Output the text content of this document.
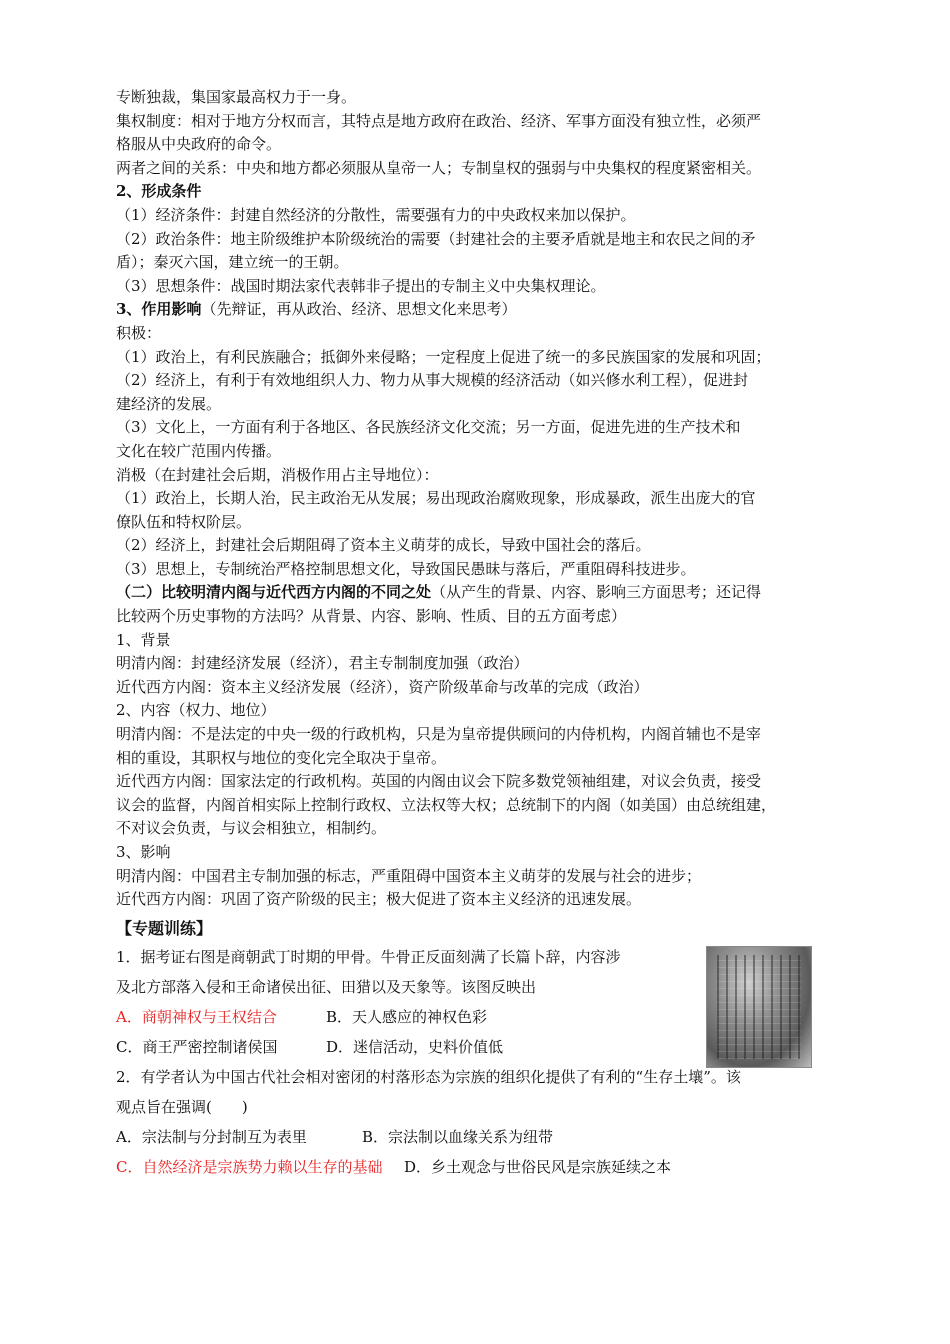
专断独裁，集国家最高权力于一身。
集权制度：相对于地方分权而言，其特点是地方政府在政治、经济、军事方面没有独立性，必须严
格服从中央政府的命令。
两者之间的关系：中央和地方都必须服从皇帝一人；专制皇权的强弱与中央集权的程度紧密相关。
2、形成条件
（1）经济条件：封建自然经济的分散性，需要强有力的中央政权来加以保护。
（2）政治条件：地主阶级维护本阶级统治的需要（封建社会的主要矛盾就是地主和农民之间的矛
盾）；秦灭六国，建立统一的王朝。
（3）思想条件：战国时期法家代表韩非子提出的专制主义中央集权理论。
3、作用影响（先辩证，再从政治、经济、思想文化来思考）
积极：
（1）政治上，有利民族融合；抵御外来侵略；一定程度上促进了统一的多民族国家的发展和巩固；
（2）经济上，有利于有效地组织人力、物力从事大规模的经济活动（如兴修水利工程），促进封
建经济的发展。
（3）文化上，一方面有利于各地区、各民族经济文化交流；另一方面，促进先进的生产技术和
文化在较广范围内传播。
消极（在封建社会后期，消极作用占主导地位）：
（1）政治上，长期人治，民主政治无从发展；易出现政治腐败现象，形成暴政，派生出庞大的官
僚队伍和特权阶层。
（2）经济上，封建社会后期阻碍了资本主义萌芽的成长，导致中国社会的落后。
（3）思想上，专制统治严格控制思想文化，导致国民愚昧与落后，严重阻碍科技进步。
（二）比较明清内阁与近代西方内阁的不同之处（从产生的背景、内容、影响三方面思考；还记得
比较两个历史事物的方法吗？从背景、内容、影响、性质、目的五方面考虑）
1、背景
明清内阁：封建经济发展（经济），君主专制制度加强（政治）
近代西方内阁：资本主义经济发展（经济），资产阶级革命与改革的完成（政治）
2、内容（权力、地位）
明清内阁：不是法定的中央一级的行政机构，只是为皇帝提供顾问的内侍机构，内阁首辅也不是宰
相的重设，其职权与地位的变化完全取决于皇帝。
近代西方内阁：国家法定的行政机构。英国的内阁由议会下院多数党领袖组建，对议会负责，接受
议会的监督，内阁首相实际上控制行政权、立法权等大权；总统制下的内阁（如美国）由总统组建，
不对议会负责，与议会相独立，相制约。
3、影响
明清内阁：中国君主专制加强的标志，严重阻碍中国资本主义萌芽的发展与社会的进步；
近代西方内阁：巩固了资产阶级的民主；极大促进了资本主义经济的迅速发展。
【专题训练】
1．据考证右图是商朝武丁时期的甲骨。牛骨正反面刻满了长篇卜辞，内容涉
及北方部落入侵和王命诸侯出征、田猎以及天象等。该图反映出
A．商朝神权与王权结合	B．天人感应的神权色彩
C．商王严密控制诸侯国	D．迷信活动，史料价值低
2．有学者认为中国古代社会相对密闭的村落形态为宗族的组织化提供了有利的“生存土壤”。该
观点旨在强调(　　)
A．宗法制与分封制互为表里	B．宗法制以血缘关系为纽带
C．自然经济是宗族势力赖以生存的基础	D．乡土观念与世俗民风是宗族延续之本
